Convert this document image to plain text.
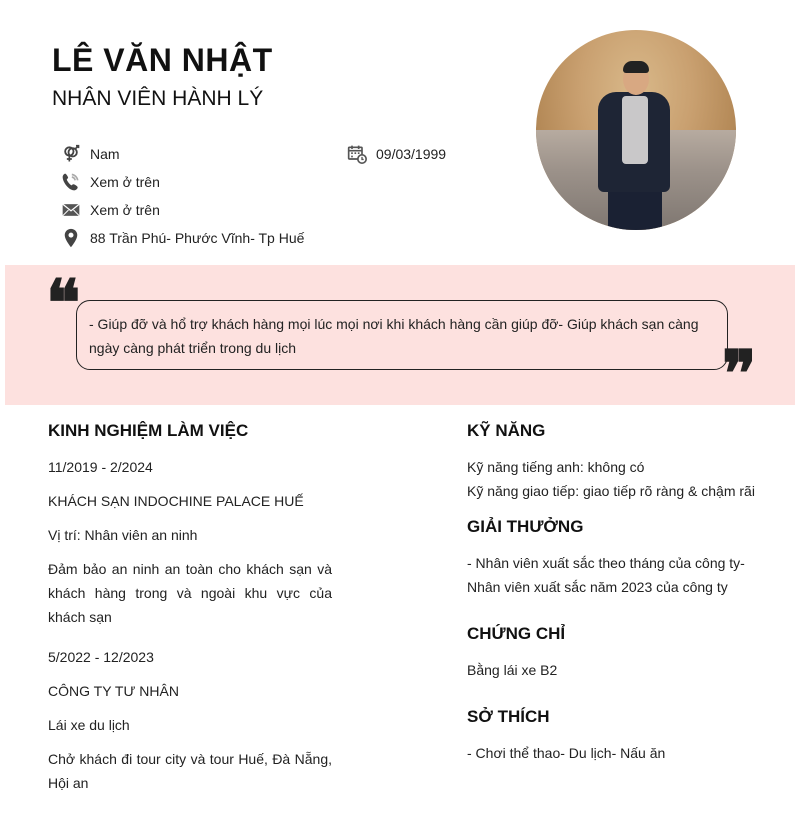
LÊ VĂN NHẬT
NHÂN VIÊN HÀNH LÝ
Nam	09/03/1999
Xem ở trên
Xem ở trên
88 Trần Phú- Phước Vĩnh- Tp Huế
❝ - Giúp đỡ và hổ trợ khách hàng mọi lúc mọi nơi khi khách hàng cần giúp đỡ- Giúp khách sạn càng ngày càng phát triển trong du lịch	❞
KINH NGHIỆM LÀM VIỆC
11/2019 - 2/2024
KHÁCH SẠN INDOCHINE PALACE HUẾ
Vị trí: Nhân viên an ninh
Đảm bảo an ninh an toàn cho khách sạn và khách hàng trong và ngoài khu vực của khách sạn
5/2022 - 12/2023
CÔNG TY TƯ NHÂN
Lái xe du lịch
Chở khách đi tour city và tour Huế, Đà Nẵng, Hội an
KỸ NĂNG
Kỹ năng tiếng anh: không có
Kỹ năng giao tiếp: giao tiếp rõ ràng & chậm rãi
GIẢI THƯỞNG
- Nhân viên xuất sắc theo tháng của công ty- Nhân viên xuất sắc năm 2023 của công ty
CHỨNG CHỈ
Bằng lái xe B2
SỞ THÍCH
- Chơi thể thao- Du lịch- Nấu ăn
